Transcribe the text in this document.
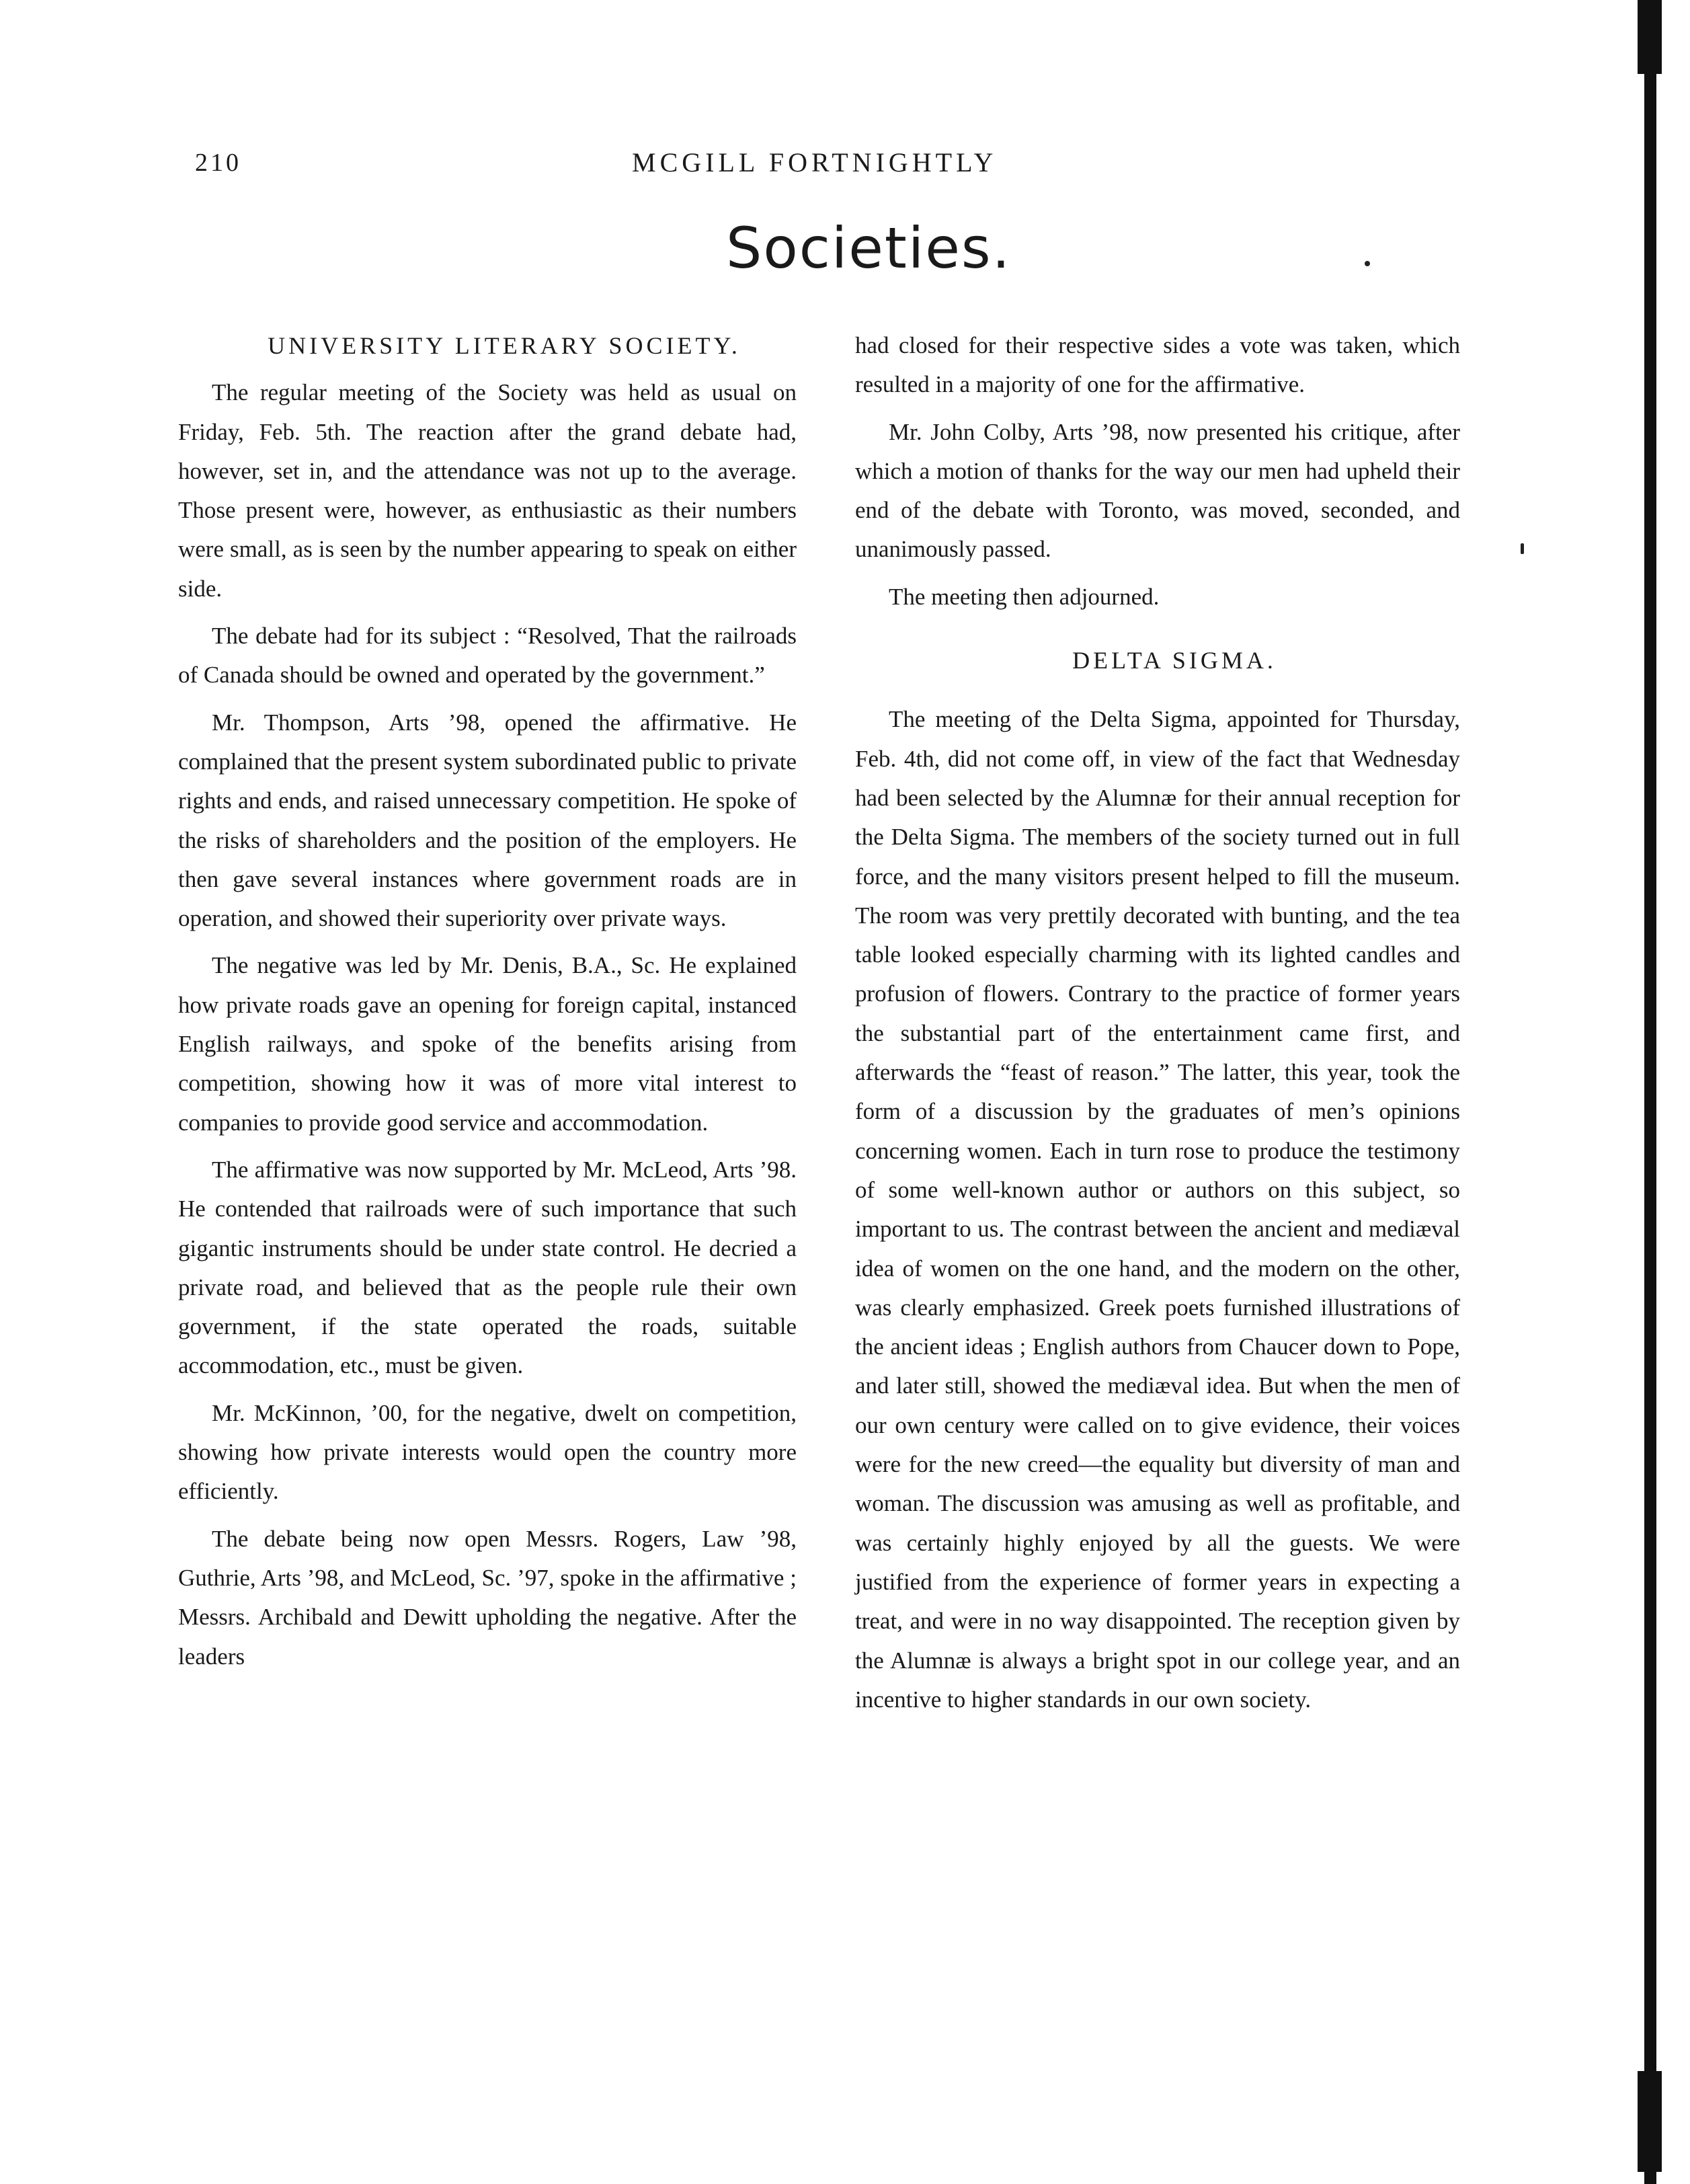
210	MCGILL FORTNIGHTLY
Societies.

UNIVERSITY LITERARY SOCIETY.

The regular meeting of the Society was held as usual on Friday, Feb. 5th. The reaction after the grand debate had, however, set in, and the attendance was not up to the average. Those present were, however, as enthusiastic as their numbers were small, as is seen by the number appearing to speak on either side.

The debate had for its subject : “Resolved, That the railroads of Canada should be owned and operated by the government.”

Mr. Thompson, Arts ’98, opened the affirmative. He complained that the present system subordinated public to private rights and ends, and raised unnecessary competition. He spoke of the risks of shareholders and the position of the employers. He then gave several instances where government roads are in operation, and showed their superiority over private ways.

The negative was led by Mr. Denis, B.A., Sc. He explained how private roads gave an opening for foreign capital, instanced English railways, and spoke of the benefits arising from competition, showing how it was of more vital interest to companies to provide good service and accommodation.

The affirmative was now supported by Mr. McLeod, Arts ’98. He contended that railroads were of such importance that such gigantic instruments should be under state control. He decried a private road, and believed that as the people rule their own government, if the state operated the roads, suitable accommodation, etc., must be given.

Mr. McKinnon, ’00, for the negative, dwelt on competition, showing how private interests would open the country more efficiently.

The debate being now open Messrs. Rogers, Law ’98, Guthrie, Arts ’98, and McLeod, Sc. ’97, spoke in the affirmative ; Messrs. Archibald and Dewitt upholding the negative. After the leaders

had closed for their respective sides a vote was taken, which resulted in a majority of one for the affirmative.

Mr. John Colby, Arts ’98, now presented his critique, after which a motion of thanks for the way our men had upheld their end of the debate with Toronto, was moved, seconded, and unanimously passed.

The meeting then adjourned.

DELTA SIGMA.

The meeting of the Delta Sigma, appointed for Thursday, Feb. 4th, did not come off, in view of the fact that Wednesday had been selected by the Alumnæ for their annual reception for the Delta Sigma. The members of the society turned out in full force, and the many visitors present helped to fill the museum. The room was very prettily decorated with bunting, and the tea table looked especially charming with its lighted candles and profusion of flowers. Contrary to the practice of former years the substantial part of the entertainment came first, and afterwards the “feast of reason.” The latter, this year, took the form of a discussion by the graduates of men’s opinions concerning women. Each in turn rose to produce the testimony of some well-known author or authors on this subject, so important to us. The contrast between the ancient and mediæval idea of women on the one hand, and the modern on the other, was clearly emphasized. Greek poets furnished illustrations of the ancient ideas ; English authors from Chaucer down to Pope, and later still, showed the mediæval idea. But when the men of our own century were called on to give evidence, their voices were for the new creed—the equality but diversity of man and woman. The discussion was amusing as well as profitable, and was certainly highly enjoyed by all the guests. We were justified from the experience of former years in expecting a treat, and were in no way disappointed. The reception given by the Alumnæ is always a bright spot in our college year, and an incentive to higher standards in our own society.
